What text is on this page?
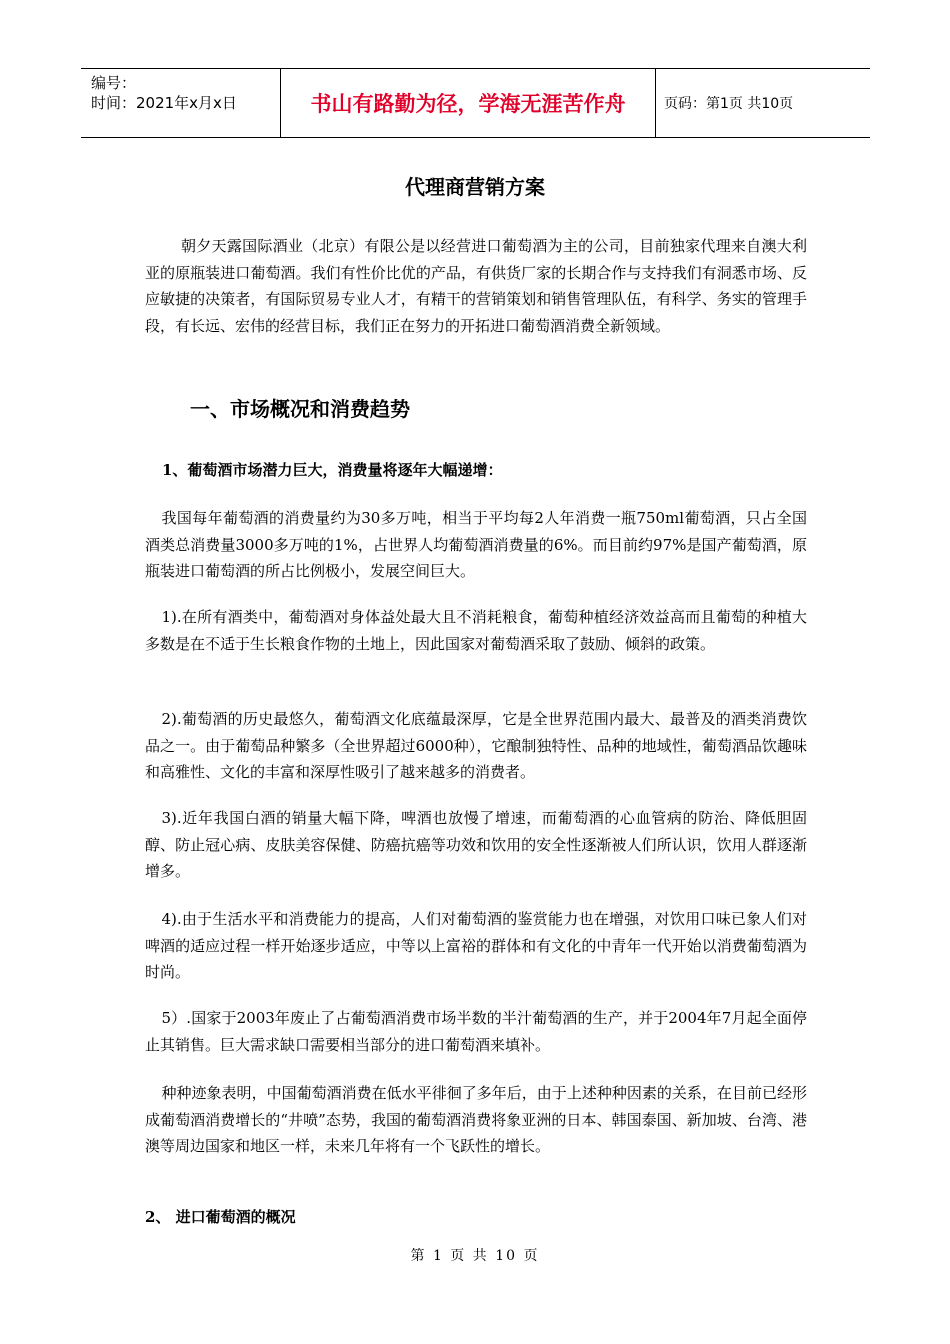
编号：
时间：2021年x月x日	书山有路勤为径，学海无涯苦作舟	页码：第1页 共10页
代理商营销方案

朝夕天露国际酒业（北京）有限公是以经营进口葡萄酒为主的公司，目前独家代理来自澳大利亚的原瓶装进口葡萄酒。我们有性价比优的产品，有供货厂家的长期合作与支持我们有洞悉市场、反应敏捷的决策者，有国际贸易专业人才，有精干的营销策划和销售管理队伍，有科学、务实的管理手段，有长远、宏伟的经营目标，我们正在努力的开拓进口葡萄酒消费全新领域。

一、市场概况和消费趋势
1、葡萄酒市场潜力巨大，消费量将逐年大幅递增：

我国每年葡萄酒的消费量约为30多万吨，相当于平均每2人年消费一瓶750ml葡萄酒，只占全国酒类总消费量3000多万吨的1%，占世界人均葡萄酒消费量的6%。而目前约97%是国产葡萄酒，原瓶装进口葡萄酒的所占比例极小，发展空间巨大。

1).在所有酒类中，葡萄酒对身体益处最大且不消耗粮食，葡萄种植经济效益高而且葡萄的种植大多数是在不适于生长粮食作物的土地上，因此国家对葡萄酒采取了鼓励、倾斜的政策。

2).葡萄酒的历史最悠久，葡萄酒文化底蕴最深厚，它是全世界范围内最大、最普及的酒类消费饮品之一。由于葡萄品种繁多（全世界超过6000种），它酿制独特性、品种的地域性，葡萄酒品饮趣味和高雅性、文化的丰富和深厚性吸引了越来越多的消费者。

3).近年我国白酒的销量大幅下降，啤酒也放慢了增速，而葡萄酒的心血管病的防治、降低胆固醇、防止冠心病、皮肤美容保健、防癌抗癌等功效和饮用的安全性逐渐被人们所认识，饮用人群逐渐增多。

4).由于生活水平和消费能力的提高，人们对葡萄酒的鉴赏能力也在增强，对饮用口味已象人们对啤酒的适应过程一样开始逐步适应，中等以上富裕的群体和有文化的中青年一代开始以消费葡萄酒为时尚。

5）.国家于2003年废止了占葡萄酒消费市场半数的半汁葡萄酒的生产，并于2004年7月起全面停止其销售。巨大需求缺口需要相当部分的进口葡萄酒来填补。

种种迹象表明，中国葡萄酒消费在低水平徘徊了多年后，由于上述种种因素的关系，在目前已经形成葡萄酒消费增长的“井喷”态势，我国的葡萄酒消费将象亚洲的日本、韩国泰国、新加坡、台湾、港澳等周边国家和地区一样，未来几年将有一个飞跃性的增长。

2、 进口葡萄酒的概况
第 1 页 共 10 页
